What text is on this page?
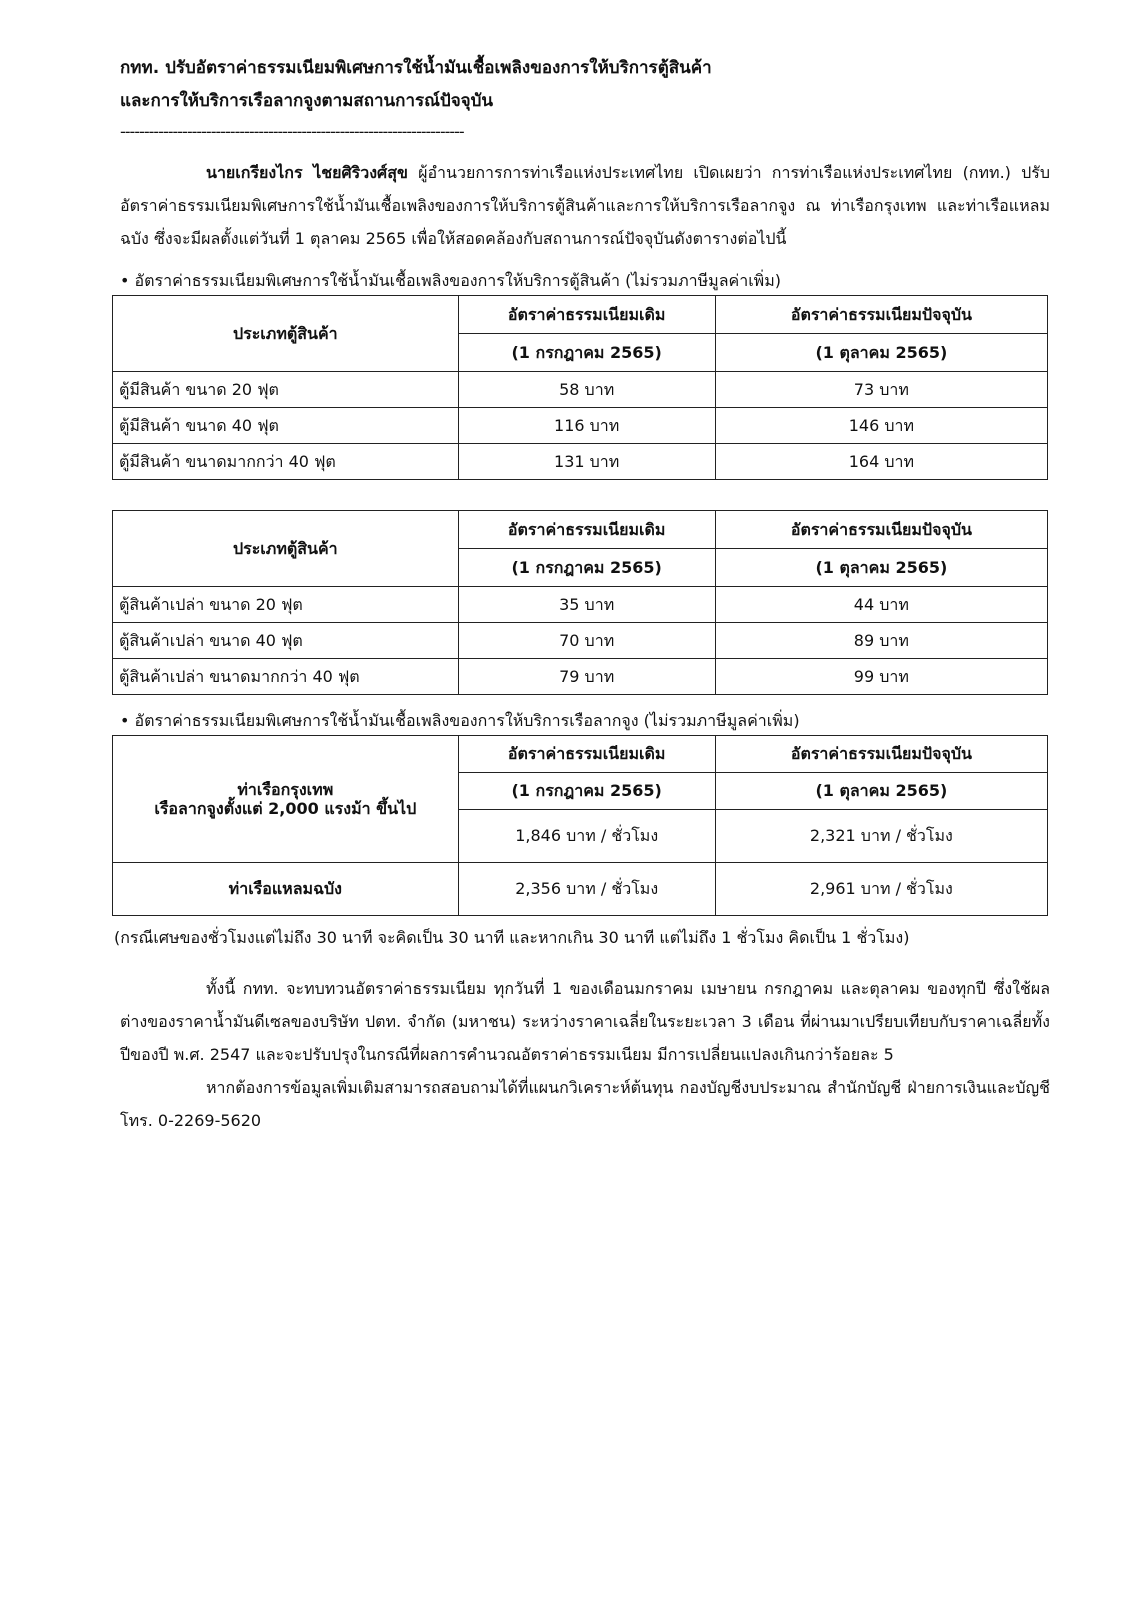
กทท. ปรับอัตราค่าธรรมเนียมพิเศษการใช้น้ำมันเชื้อเพลิงของการให้บริการตู้สินค้า

และการให้บริการเรือลากจูงตามสถานการณ์ปัจจุบัน

------------------------------------------------------------------------

นายเกรียงไกร ไชยศิริวงศ์สุข ผู้อำนวยการการท่าเรือแห่งประเทศไทย เปิดเผยว่า การท่าเรือแห่งประเทศไทย (กทท.) ปรับอัตราค่าธรรมเนียมพิเศษการใช้น้ำมันเชื้อเพลิงของการให้บริการตู้สินค้าและการให้บริการเรือลากจูง ณ ท่าเรือกรุงเทพ และท่าเรือแหลมฉบัง ซึ่งจะมีผลตั้งแต่วันที่ 1 ตุลาคม 2565 เพื่อให้สอดคล้องกับสถานการณ์ปัจจุบันดังตารางต่อไปนี้

• อัตราค่าธรรมเนียมพิเศษการใช้น้ำมันเชื้อเพลิงของการให้บริการตู้สินค้า (ไม่รวมภาษีมูลค่าเพิ่ม)
ประเภทตู้สินค้า	อัตราค่าธรรมเนียมเดิม	อัตราค่าธรรมเนียมปัจจุบัน
	(1 กรกฎาคม 2565)	(1 ตุลาคม 2565)
ตู้มีสินค้า ขนาด 20 ฟุต	58 บาท	73 บาท
ตู้มีสินค้า ขนาด 40 ฟุต	116 บาท	146 บาท
ตู้มีสินค้า ขนาดมากกว่า 40 ฟุต	131 บาท	164 บาท
ประเภทตู้สินค้า	อัตราค่าธรรมเนียมเดิม	อัตราค่าธรรมเนียมปัจจุบัน
	(1 กรกฎาคม 2565)	(1 ตุลาคม 2565)
ตู้สินค้าเปล่า ขนาด 20 ฟุต	35 บาท	44 บาท
ตู้สินค้าเปล่า ขนาด 40 ฟุต	70 บาท	89 บาท
ตู้สินค้าเปล่า ขนาดมากกว่า 40 ฟุต	79 บาท	99 บาท
• อัตราค่าธรรมเนียมพิเศษการใช้น้ำมันเชื้อเพลิงของการให้บริการเรือลากจูง (ไม่รวมภาษีมูลค่าเพิ่ม)
ท่าเรือกรุงเทพ
เรือลากจูงตั้งแต่ 2,000 แรงม้า ขึ้นไป	อัตราค่าธรรมเนียมเดิม	อัตราค่าธรรมเนียมปัจจุบัน
	(1 กรกฎาคม 2565)	(1 ตุลาคม 2565)
	1,846 บาท / ชั่วโมง	2,321 บาท / ชั่วโมง
ท่าเรือแหลมฉบัง	2,356 บาท / ชั่วโมง	2,961 บาท / ชั่วโมง
(กรณีเศษของชั่วโมงแต่ไม่ถึง 30 นาที จะคิดเป็น 30 นาที และหากเกิน 30 นาที แต่ไม่ถึง 1 ชั่วโมง คิดเป็น 1 ชั่วโมง)

ทั้งนี้ กทท. จะทบทวนอัตราค่าธรรมเนียม ทุกวันที่ 1 ของเดือนมกราคม เมษายน กรกฎาคม และตุลาคม ของทุกปี ซึ่งใช้ผลต่างของราคาน้ำมันดีเซลของบริษัท ปตท. จำกัด (มหาชน) ระหว่างราคาเฉลี่ยในระยะเวลา 3 เดือน ที่ผ่านมาเปรียบเทียบกับราคาเฉลี่ยทั้งปีของปี พ.ศ. 2547 และจะปรับปรุงในกรณีที่ผลการคำนวณอัตราค่าธรรมเนียม มีการเปลี่ยนแปลงเกินกว่าร้อยละ 5

หากต้องการข้อมูลเพิ่มเติมสามารถสอบถามได้ที่แผนกวิเคราะห์ต้นทุน กองบัญชีงบประมาณ สำนักบัญชี ฝ่ายการเงินและบัญชี โทร. 0-2269-5620
